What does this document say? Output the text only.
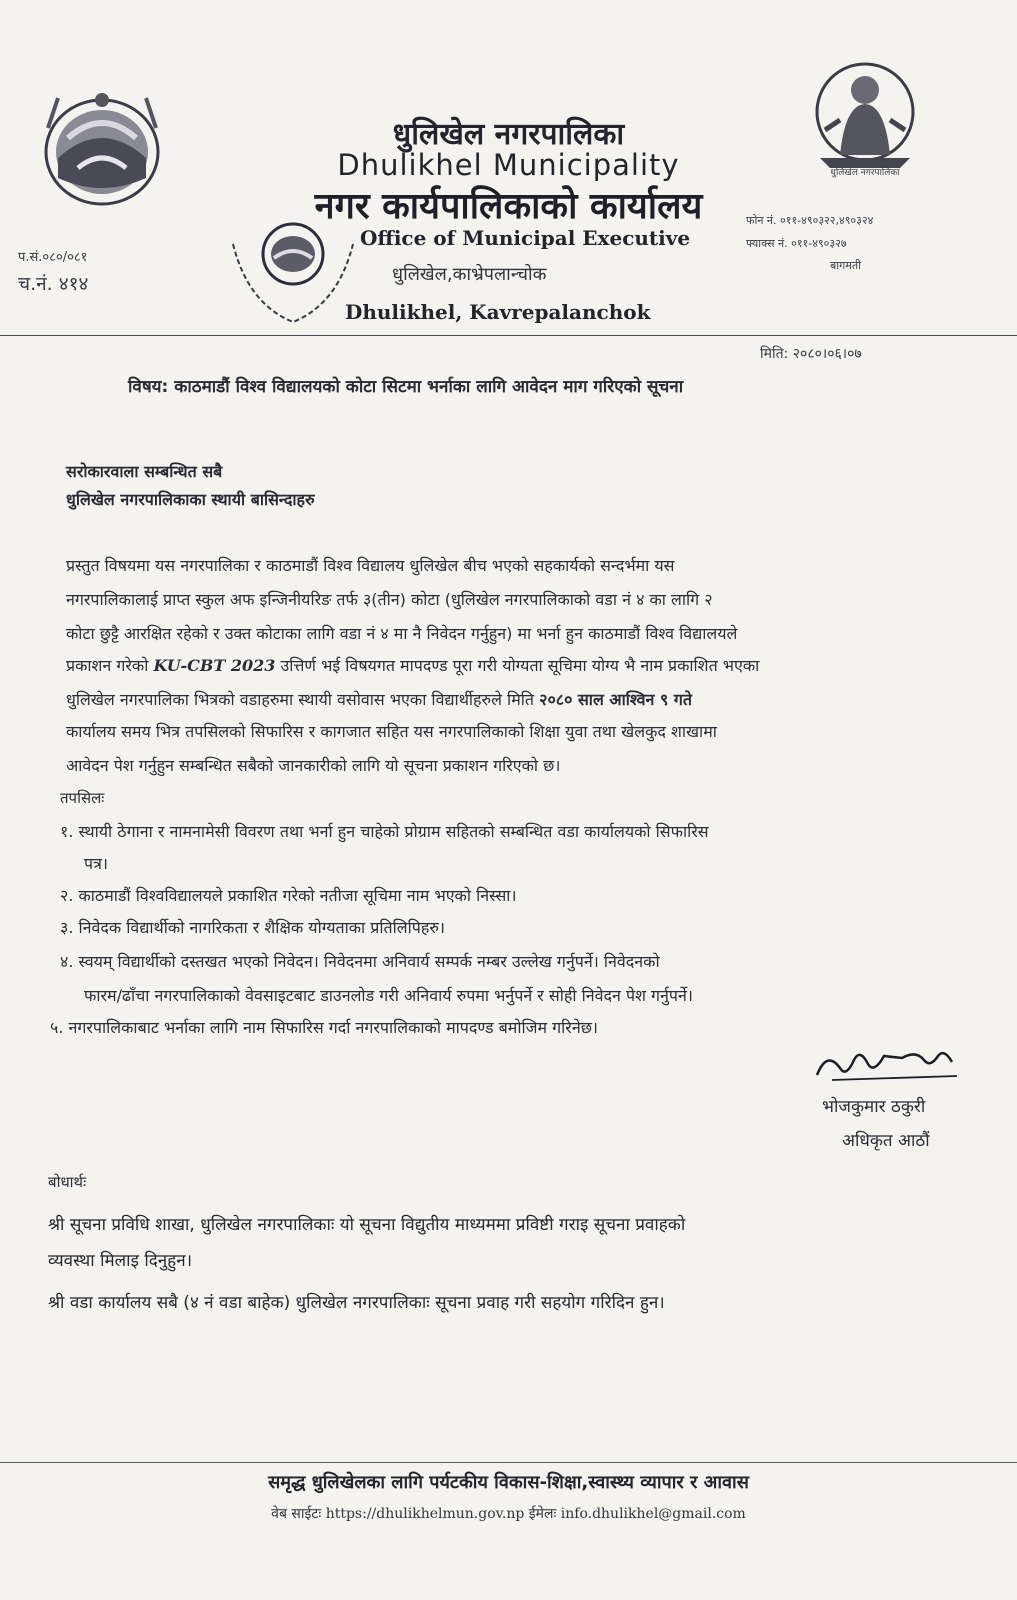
धुलिखेल नगरपालिका
धुलिखेल नगरपालिका
Dhulikhel Municipality
नगर कार्यपालिकाको कार्यालय
Office of Municipal Executive
धुलिखेल,काभ्रेपलान्चोक
Dhulikhel, Kavrepalanchok
प.सं.०८०/०८१
च.नं. ४१४
फोन नं. ०११-४९०३२२,४९०३२४
फ्याक्स नं. ०११-४९०३२७
बागमती
मिति: २०८०।०६।०७
विषय: काठमाडौं विश्व विद्यालयको कोटा सिटमा भर्नाका लागि आवेदन माग गरिएको सूचना
सरोकारवाला सम्बन्धित सबै
धुलिखेल नगरपालिकाका स्थायी बासिन्दाहरु
प्रस्तुत विषयमा यस नगरपालिका र काठमाडौं विश्व विद्यालय धुलिखेल बीच भएको सहकार्यको सन्दर्भमा यस
नगरपालिकालाई प्राप्त स्कुल अफ इन्जिनीयरिङ तर्फ ३(तीन) कोटा (धुलिखेल नगरपालिकाको वडा नं ४ का लागि २
कोटा छुट्टै आरक्षित रहेको र उक्त कोटाका लागि वडा नं ४ मा नै निवेदन गर्नुहुन) मा भर्ना हुन काठमाडौं विश्व विद्यालयले
प्रकाशन गरेको KU-CBT 2023 उत्तिर्ण भई विषयगत मापदण्ड पूरा गरी योग्यता सूचिमा योग्य भै नाम प्रकाशित भएका
धुलिखेल नगरपालिका भित्रको वडाहरुमा स्थायी वसोवास भएका विद्यार्थीहरुले मिति २०८० साल आश्विन ९ गते
कार्यालय समय भित्र तपसिलको सिफारिस र कागजात सहित यस नगरपालिकाको शिक्षा युवा तथा खेलकुद शाखामा
आवेदन पेश गर्नुहुन सम्बन्धित सबैको जानकारीको लागि यो सूचना प्रकाशन गरिएको छ।
तपसिलः
१. स्थायी ठेगाना र नामनामेसी विवरण तथा भर्ना हुन चाहेको प्रोग्राम सहितको सम्बन्धित वडा कार्यालयको सिफारिस
पत्र।
२. काठमाडौं विश्वविद्यालयले प्रकाशित गरेको नतीजा सूचिमा नाम भएको निस्सा।
३. निवेदक विद्यार्थीको नागरिकता र शैक्षिक योग्यताका प्रतिलिपिहरु।
४. स्वयम् विद्यार्थीको दस्तखत भएको निवेदन। निवेदनमा अनिवार्य सम्पर्क नम्बर उल्लेख गर्नुपर्ने। निवेदनको
फारम/ढाँचा नगरपालिकाको वेवसाइटबाट डाउनलोड गरी अनिवार्य रुपमा भर्नुपर्ने र सोही निवेदन पेश गर्नुपर्ने।
५. नगरपालिकाबाट भर्नाका लागि नाम सिफारिस गर्दा नगरपालिकाको मापदण्ड बमोजिम गरिनेछ।
भोजकुमार ठकुरी
अधिकृत आठौं
बोधार्थः
श्री सूचना प्रविधि शाखा, धुलिखेल नगरपालिकाः यो सूचना विद्युतीय माध्यममा प्रविष्टी गराइ सूचना प्रवाहको
व्यवस्था मिलाइ दिनुहुन।
श्री वडा कार्यालय सबै (४ नं वडा बाहेक) धुलिखेल नगरपालिकाः सूचना प्रवाह गरी सहयोग गरिदिन हुन।
समृद्ध धुलिखेलका लागि पर्यटकीय विकास-शिक्षा,स्वास्थ्य व्यापार र आवास
वेब साईटः https://dhulikhelmun.gov.np ईमेलः info.dhulikhel@gmail.com
